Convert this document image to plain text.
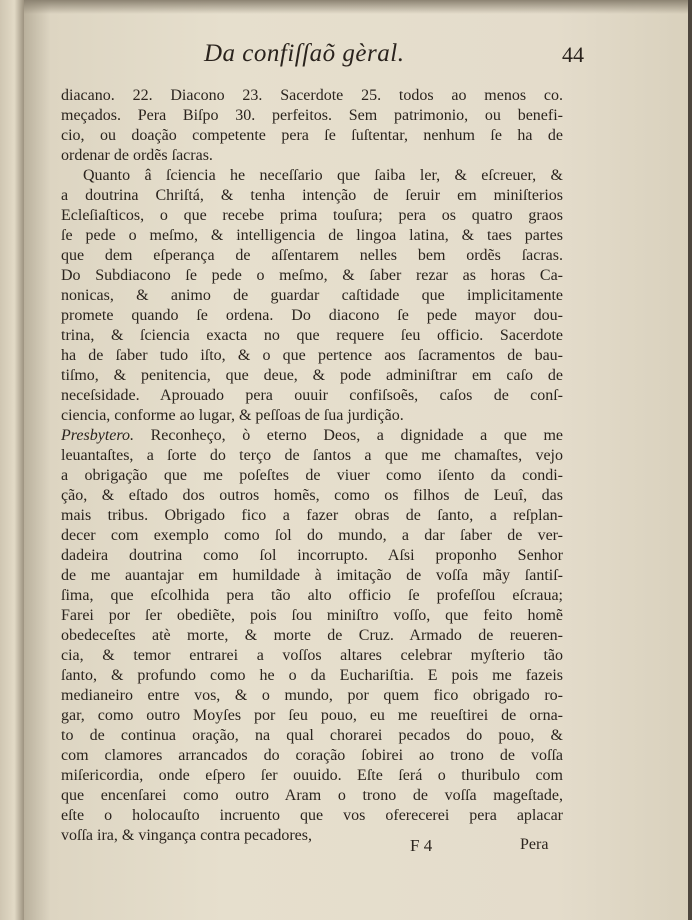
Da confiſſaõ gèral.	44
diacano. 22. Diacono 23. Sacerdote 25. todos ao menos co.
meçados. Pera Biſpo 30. perfeitos. Sem patrimonio, ou benefi-
cio, ou doação competente pera ſe ſuſtentar, nenhum ſe ha de
ordenar de ordẽs ſacras.
Quanto â ſciencia he neceſſario que ſaiba ler, & eſcreuer, &
a doutrina Chriſtá, & tenha intenção de ſeruir em miniſterios
Ecleſiaſticos, o que recebe prima touſura; pera os quatro graos
ſe pede o meſmo, & intelligencia de lingoa latina, & taes partes
que dem eſperança de aſſentarem nelles bem ordẽs ſacras.
Do Subdiacono ſe pede o meſmo, & ſaber rezar as horas Ca-
nonicas, & animo de guardar caſtidade que implicitamente
promete quando ſe ordena. Do diacono ſe pede mayor dou-
trina, & ſciencia exacta no que requere ſeu officio. Sacerdote
ha de ſaber tudo iſto, & o que pertence aos ſacramentos de bau-
tiſmo, & penitencia, que deue, & pode adminiſtrar em caſo de
neceſsidade. Aprouado pera ouuir confiſsoẽs, caſos de conſ-
ciencia, conforme ao lugar, & peſſoas de ſua jurdição.
Presbytero. Reconheço, ò eterno Deos, a dignidade a que me
leuantaſtes, a ſorte do terço de ſantos a que me chamaſtes, vejo
a obrigação que me poſeſtes de viuer como iſento da condi-
ção, & eſtado dos outros homẽs, como os filhos de Leuî, das
mais tribus. Obrigado fico a fazer obras de ſanto, a reſplan-
decer com exemplo como ſol do mundo, a dar ſaber de ver-
dadeira doutrina como ſol incorrupto. Aſsi proponho Senhor
de me auantajar em humildade à imitação de voſſa mãy ſantiſ-
ſima, que eſcolhida pera tão alto officio ſe profeſſou eſcraua;
Farei por ſer obediẽte, pois ſou miniſtro voſſo, que feito homẽ
obedeceſtes atè morte, & morte de Cruz. Armado de reueren-
cia, & temor entrarei a voſſos altares celebrar myſterio tão
ſanto, & profundo como he o da Euchariſtia. E pois me fazeis
medianeiro entre vos, & o mundo, por quem fico obrigado ro-
gar, como outro Moyſes por ſeu pouo, eu me reueſtirei de orna-
to de continua oração, na qual chorarei pecados do pouo, &
com clamores arrancados do coração ſobirei ao trono de voſſa
miſericordia, onde eſpero ſer ouuido. Eſte ſerá o thuribulo com
que encenſarei como outro Aram o trono de voſſa mageſtade,
eſte o holocauſto incruento que vos oferecerei pera aplacar
voſſa ira, & vingança contra pecadores,
F 4	Pera
